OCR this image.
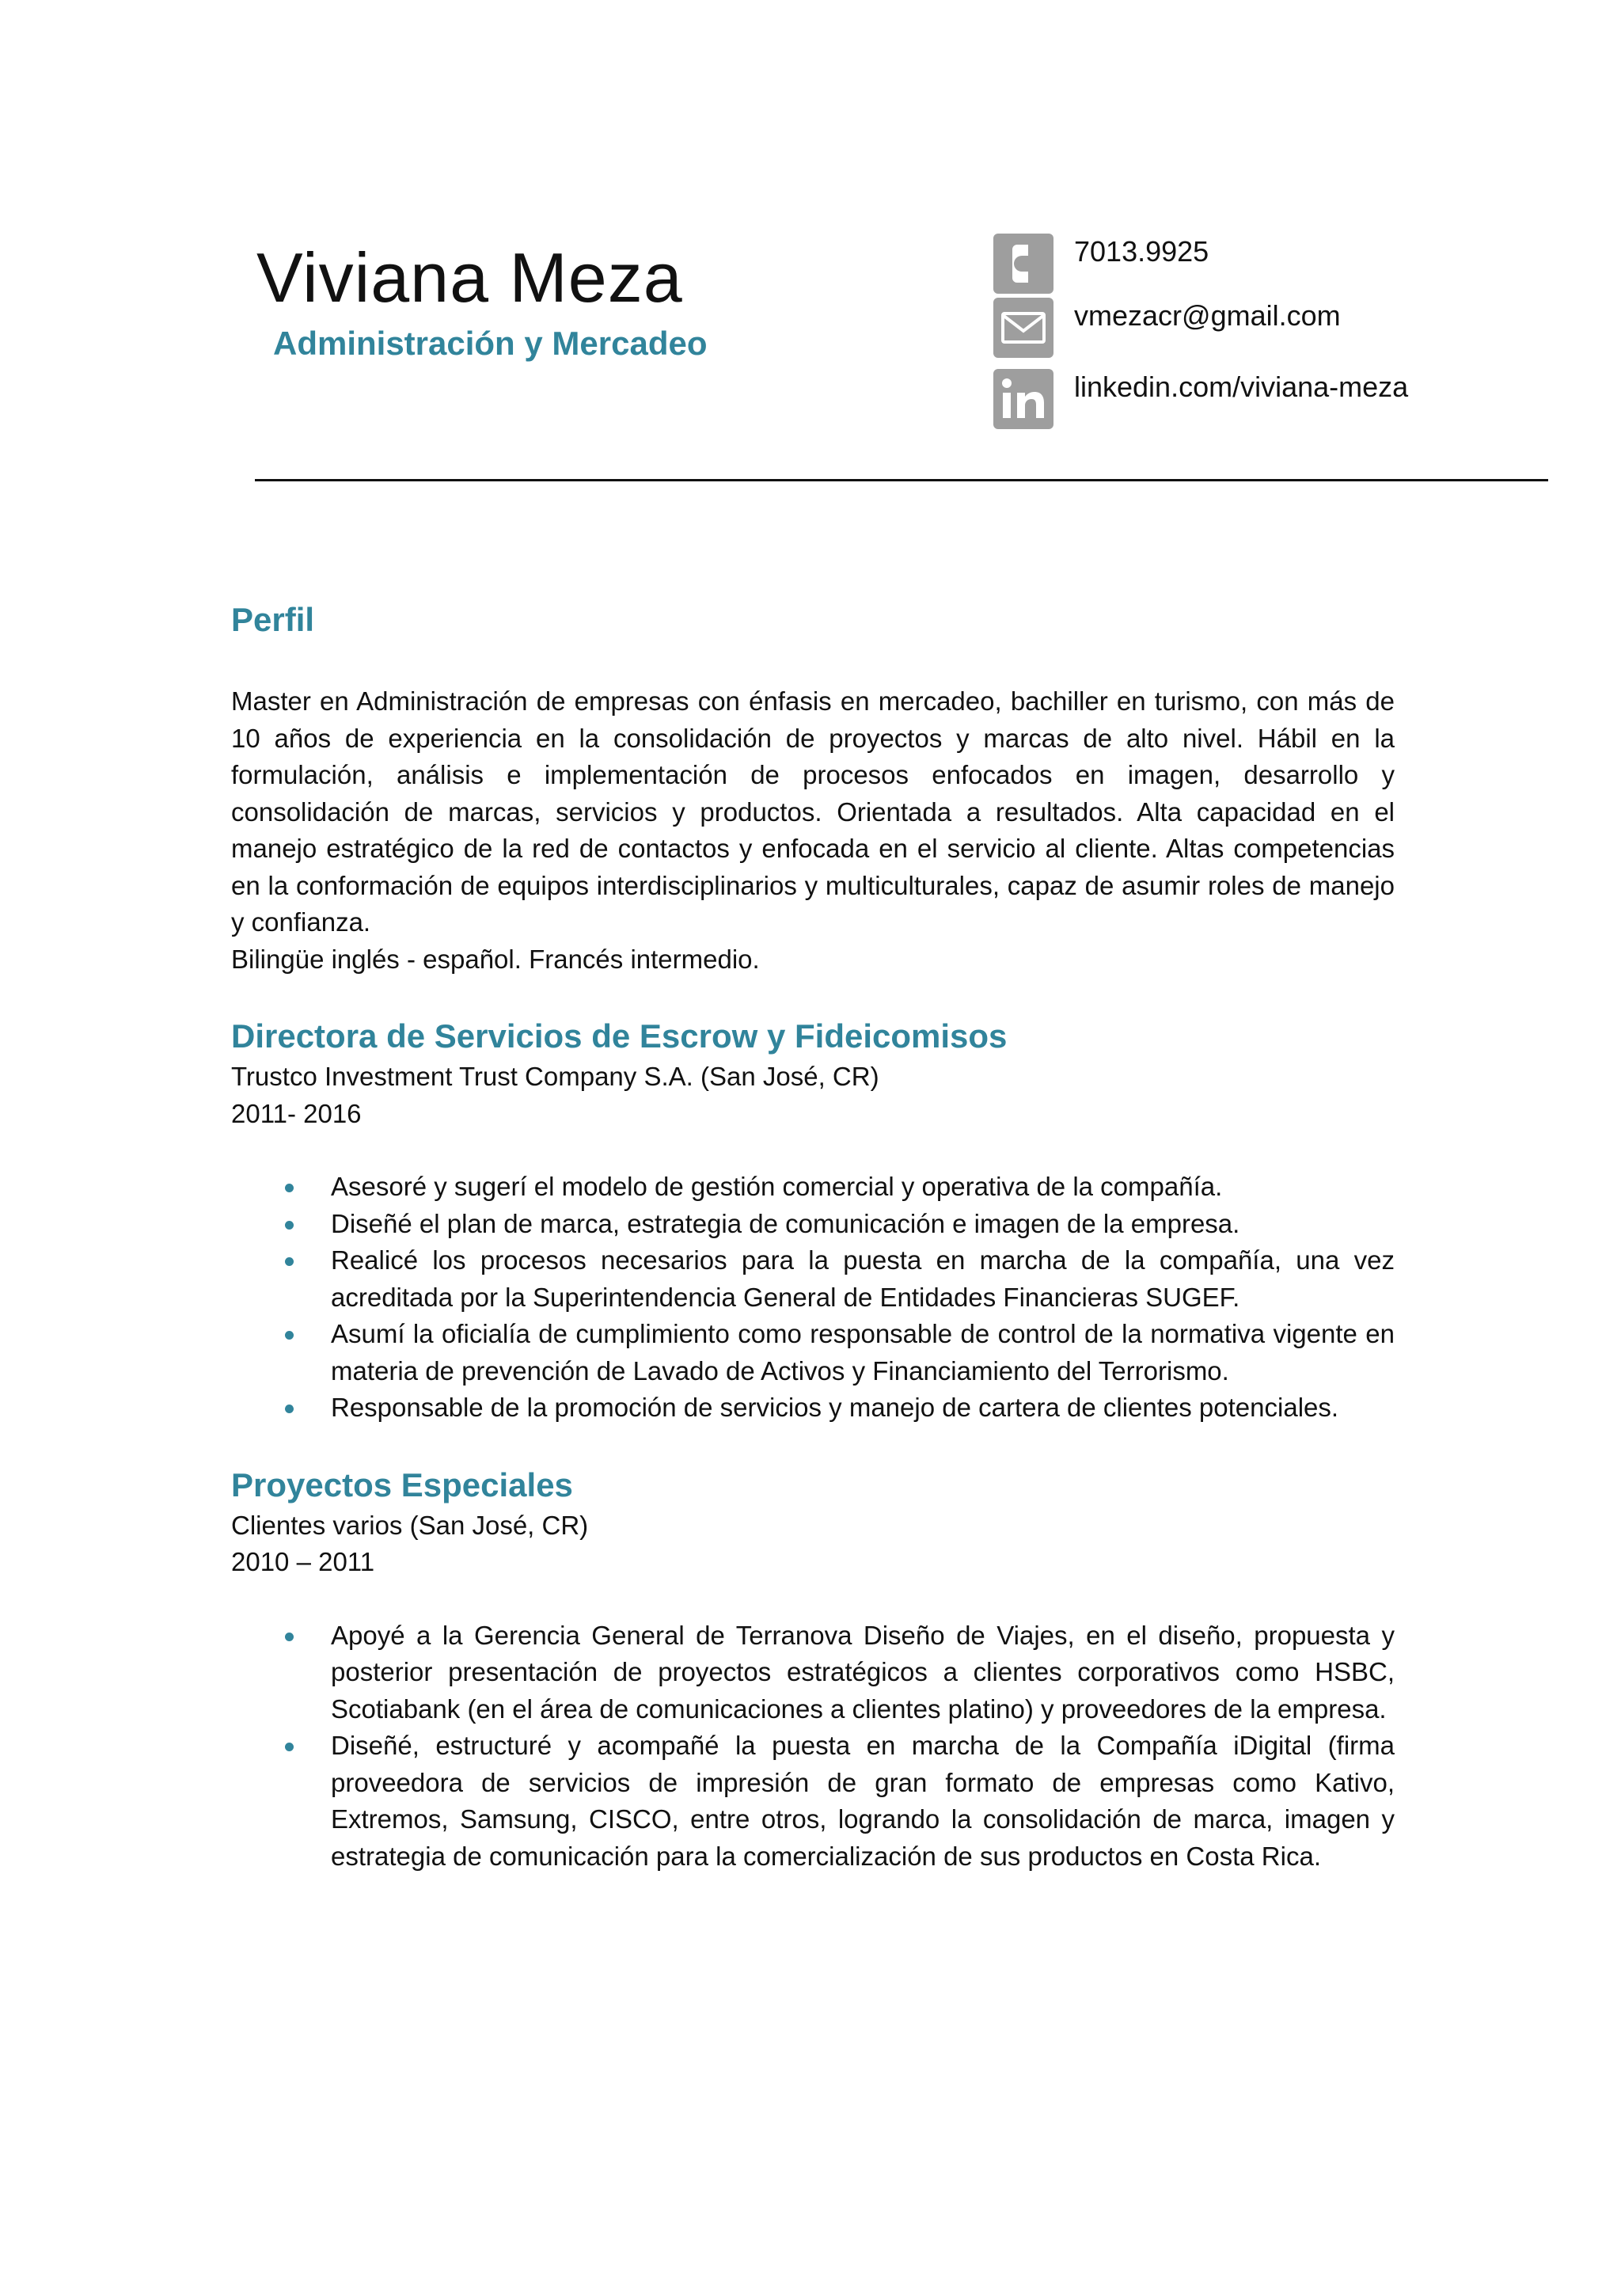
Viviana Meza
Administración y Mercadeo
7013.9925
vmezacr@gmail.com
linkedin.com/viviana-meza
Perfil

Master en Administración de empresas con énfasis en mercadeo, bachiller en turismo, con más de 10 años de experiencia en la consolidación de proyectos y marcas de alto nivel. Hábil en la formulación, análisis e implementación de procesos enfocados en imagen, desarrollo y consolidación de marcas, servicios y productos. Orientada a resultados. Alta capacidad en el manejo estratégico de la red de contactos y enfocada en el servicio al cliente. Altas competencias en la conformación de equipos interdisciplinarios y multiculturales, capaz de asumir roles de manejo y confianza.

Bilingüe inglés - español. Francés intermedio.

Directora de Servicios de Escrow y Fideicomisos

Trustco Investment Trust Company S.A. (San José, CR)

2011- 2016

Asesoré y sugerí el modelo de gestión comercial y operativa de la compañía.
Diseñé el plan de marca, estrategia de comunicación e imagen de la empresa.
Realicé los procesos necesarios para la puesta en marcha de la compañía, una vez acreditada por la Superintendencia General de Entidades Financieras SUGEF.
Asumí la oficialía de cumplimiento como responsable de control de la normativa vigente en materia de prevención de Lavado de Activos y Financiamiento del Terrorismo.
Responsable de la promoción de servicios y manejo de cartera de clientes potenciales.
Proyectos Especiales

Clientes varios (San José, CR)

2010 – 2011

Apoyé a la Gerencia General de Terranova Diseño de Viajes, en el diseño, propuesta y posterior presentación de proyectos estratégicos a clientes corporativos como HSBC, Scotiabank (en el área de comunicaciones a clientes platino) y proveedores de la empresa.
Diseñé, estructuré y acompañé la puesta en marcha de la Compañía iDigital (firma proveedora de servicios de impresión de gran formato de empresas como Kativo, Extremos, Samsung, CISCO, entre otros, logrando la consolidación de marca, imagen y estrategia de comunicación para la comercialización de sus productos en Costa Rica.
